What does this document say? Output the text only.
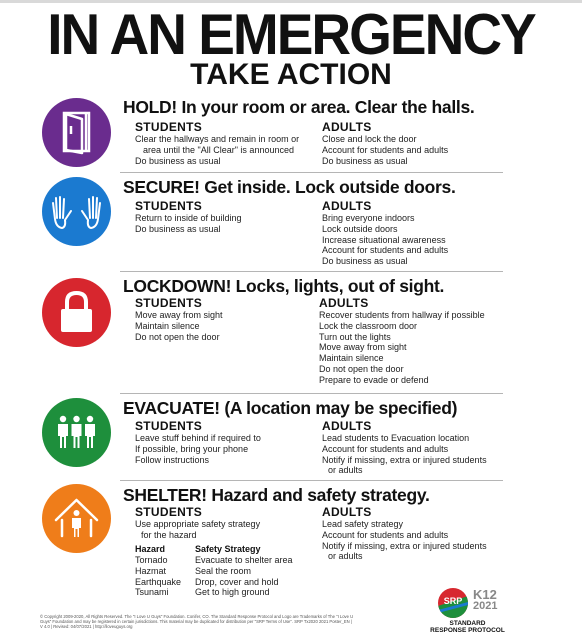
IN AN EMERGENCY
TAKE ACTION
HOLD! In your room or area. Clear the halls.
STUDENTS
Clear the hallways and remain in room or
area until the "All Clear" is announced
Do business as usual
ADULTS
Close and lock the door
Account for students and adults
Do business as usual
SECURE! Get inside. Lock outside doors.
STUDENTS
Return to inside of building
Do business as usual
ADULTS
Bring everyone indoors
Lock outside doors
Increase situational awareness
Account for students and adults
Do business as usual
LOCKDOWN! Locks, lights, out of sight.
STUDENTS
Move away from sight
Maintain silence
Do not open the door
ADULTS
Recover students from hallway if possible
Lock the classroom door
Turn out the lights
Move away from sight
Maintain silence
Do not open the door
Prepare to evade or defend
EVACUATE! (A location may be specified)
STUDENTS
Leave stuff behind if required to
If possible, bring your phone
Follow instructions
ADULTS
Lead students to Evacuation location
Account for students and adults
Notify if missing, extra or injured students
or adults
SHELTER! Hazard and safety strategy.
STUDENTS
Use appropriate safety strategy
for the hazard
ADULTS
Lead safety strategy
Account for students and adults
Notify if missing, extra or injured students
or adults
Hazard
Tornado
Hazmat
Earthquake
Tsunami
Safety Strategy
Evacuate to shelter area
Seal the room
Drop, cover and hold
Get to high ground
© Copyright 2009-2020, All Rights Reserved. The "I Love U Guys" Foundation. Conifer, CO. The Standard Response Protocol and Logo are Trademarks of The "I Love U
Guys" Foundation and may be registered in certain jurisdictions. This material may be duplicated for distribution per "SRP Terms of Use". SRP Tx2020 2021 Poster_EN |
V 4.0 | Revised: 04/07/2021 | http://iloveuguys.org
SRP K12
2021
STANDARD
RESPONSE PROTOCOL
